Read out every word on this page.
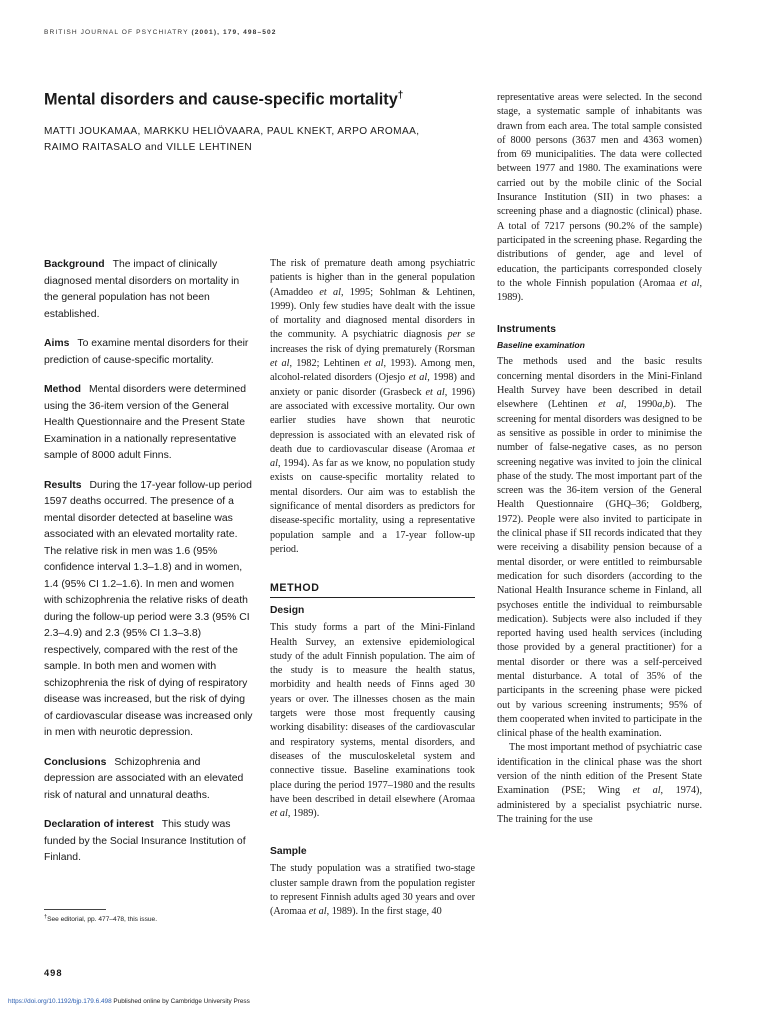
BRITISH JOURNAL OF PSYCHIATRY (2001), 179, 498–502
Mental disorders and cause-specific mortality†
MATTI JOUKAMAA, MARKKU HELIÖVAARA, PAUL KNEKT, ARPO AROMAA,
RAIMO RAITASALO and VILLE LEHTINEN

Background The impact of clinically diagnosed mental disorders on mortality in the general population has not been established.

Aims To examine mental disorders for their prediction of cause-specific mortality.

Method Mental disorders were determined using the 36-item version of the General Health Questionnaire and the Present State Examination in a nationally representative sample of 8000 adult Finns.

Results During the 17-year follow-up period 1597 deaths occurred. The presence of a mental disorder detected at baseline was associated with an elevated mortality rate. The relative risk in men was 1.6 (95% confidence interval 1.3–1.8) and in women, 1.4 (95% CI 1.2–1.6). In men and women with schizophrenia the relative risks of death during the follow-up period were 3.3 (95% CI 2.3–4.9) and 2.3 (95% CI 1.3–3.8) respectively, compared with the rest of the sample. In both men and women with schizophrenia the risk of dying of respiratory disease was increased, but the risk of dying of cardiovascular disease was increased only in men with neurotic depression.

Conclusions Schizophrenia and depression are associated with an elevated risk of natural and unnatural deaths.

Declaration of interest This study was funded by the Social Insurance Institution of Finland.

†See editorial, pp. 477–478, this issue.

The risk of premature death among psychiatric patients is higher than in the general population (Amaddeo et al, 1995; Sohlman & Lehtinen, 1999). Only few studies have dealt with the issue of mortality and diagnosed mental disorders in the community. A psychiatric diagnosis per se increases the risk of dying prematurely (Rorsman et al, 1982; Lehtinen et al, 1993). Among men, alcohol-related disorders (Ojesjo et al, 1998) and anxiety or panic disorder (Grasbeck et al, 1996) are associated with excessive mortality. Our own earlier studies have shown that neurotic depression is associated with an elevated risk of death due to cardiovascular disease (Aromaa et al, 1994). As far as we know, no population study exists on cause-specific mortality related to mental disorders. Our aim was to establish the significance of mental disorders as predictors for disease-specific mortality, using a representative population sample and a 17-year follow-up period.

METHOD
Design

This study forms a part of the Mini-Finland Health Survey, an extensive epidemiological study of the adult Finnish population. The aim of the study is to measure the health status, morbidity and health needs of Finns aged 30 years or over. The illnesses chosen as the main targets were those most frequently causing working disability: diseases of the cardiovascular and respiratory systems, mental disorders, and diseases of the musculoskeletal system and connective tissue. Baseline examinations took place during the period 1977–1980 and the results have been described in detail elsewhere (Aromaa et al, 1989).

Sample

The study population was a stratified two-stage cluster sample drawn from the population register to represent Finnish adults aged 30 years and over (Aromaa et al, 1989). In the first stage, 40

representative areas were selected. In the second stage, a systematic sample of inhabitants was drawn from each area. The total sample consisted of 8000 persons (3637 men and 4363 women) from 69 municipalities. The data were collected between 1977 and 1980. The examinations were carried out by the mobile clinic of the Social Insurance Institution (SII) in two phases: a screening phase and a diagnostic (clinical) phase. A total of 7217 persons (90.2% of the sample) participated in the screening phase. Regarding the distributions of gender, age and level of education, the participants corresponded closely to the whole Finnish population (Aromaa et al, 1989).
Instruments
Baseline examination

The methods used and the basic results concerning mental disorders in the Mini-Finland Health Survey have been described in detail elsewhere (Lehtinen et al, 1990a,b). The screening for mental disorders was designed to be as sensitive as possible in order to minimise the number of false-negative cases, as no person screening negative was invited to join the clinical phase of the study. The most important part of the screen was the 36-item version of the General Health Questionnaire (GHQ–36; Goldberg, 1972). People were also invited to participate in the clinical phase if SII records indicated that they were receiving a disability pension because of a mental disorder, or were entitled to reimbursable medication for such disorders (according to the National Health Insurance scheme in Finland, all psychoses entitle the individual to reimbursable medication). Subjects were also included if they reported having used health services (including those provided by a general practitioner) for a mental disorder or there was a self-perceived mental disturbance. A total of 35% of the participants in the screening phase were picked out by various screening instruments; 95% of them cooperated when invited to participate in the clinical phase of the health examination.

The most important method of psychiatric case identification in the clinical phase was the short version of the ninth edition of the Present State Examination (PSE; Wing et al, 1974), administered by a specialist psychiatric nurse. The training for the use

498

https://doi.org/10.1192/bjp.179.6.498 Published online by Cambridge University Press
